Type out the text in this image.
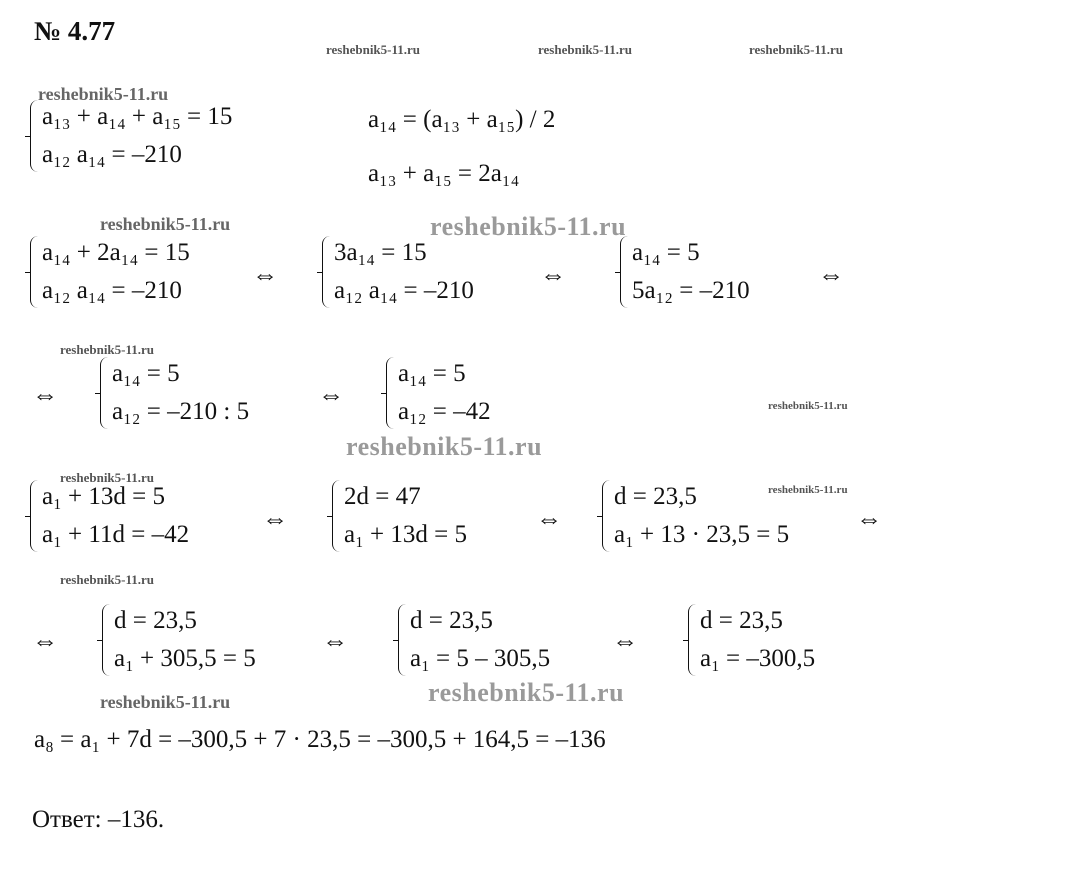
№ 4.77
reshebnik5-11.ru	reshebnik5-11.ru	reshebnik5-11.ru
reshebnik5-11.ru
a₁₃ + a₁₄ + a₁₅ = 15
a₁₂ a₁₄ = –210
a₁₄ = (a₁₃ + a₁₅) / 2
a₁₃ + a₁₅ = 2a₁₄
reshebnik5-11.ru	reshebnik5-11.ru
a₁₄ + 2a₁₄ = 15
a₁₂ a₁₄ = –210
⇔
3a₁₄ = 15
a₁₂ a₁₄ = –210
⇔
a₁₄ = 5
5a₁₂ = –210
⇔
reshebnik5-11.ru
⇔
a₁₄ = 5
a₁₂ = –210 : 5
⇔
a₁₄ = 5
a₁₂ = –42	reshebnik5-11.ru
reshebnik5-11.ru
reshebnik5-11.ru
a₁ + 13d = 5
a₁ + 11d = –42
⇔
2d = 47
a₁ + 13d = 5
⇔
d = 23,5
a₁ + 13 · 23,5 = 5
reshebnik5-11.ru
⇔
reshebnik5-11.ru
⇔
d = 23,5
a₁ + 305,5 = 5
⇔
d = 23,5
a₁ = 5 – 305,5
⇔
d = 23,5
a₁ = –300,5
reshebnik5-11.ru	reshebnik5-11.ru
a₈ = a₁ + 7d = –300,5 + 7 · 23,5 = –300,5 + 164,5 = –136
Ответ: –136.
